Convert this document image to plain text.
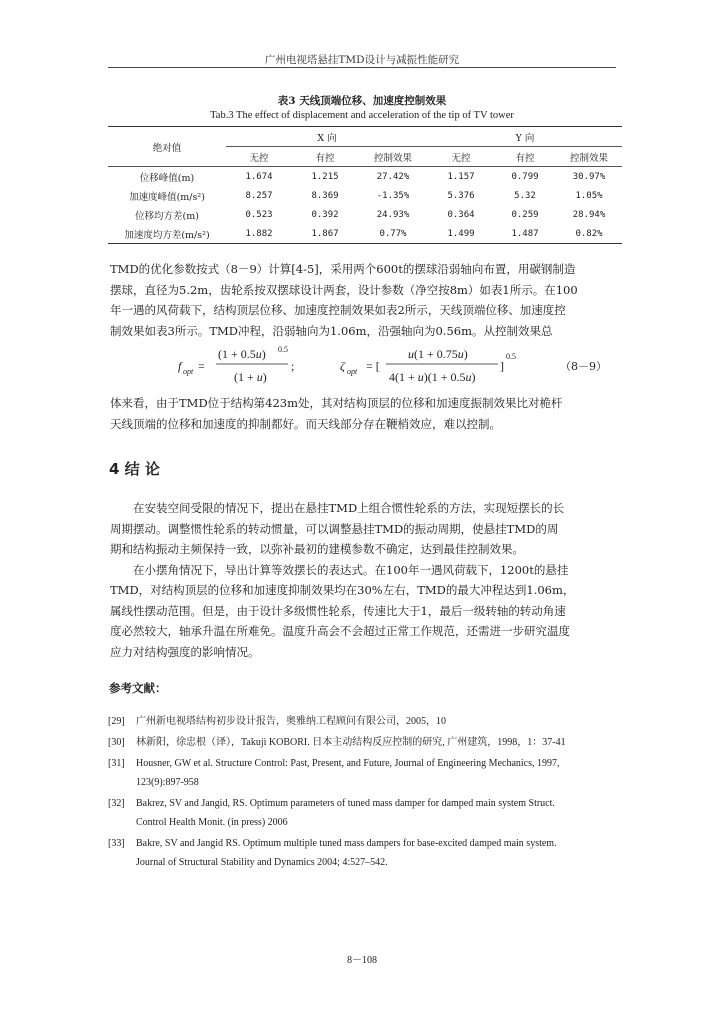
广州电视塔悬挂TMD设计与减振性能研究
表3 天线顶端位移、加速度控制效果
Tab.3 The effect of displacement and acceleration of the tip of TV tower
绝对值	X 向			Y 向		
	无控	有控	控制效果	无控	有控	控制效果
位移峰值(m)	1.674	1.215	27.42%	1.157	0.799	30.97%
加速度峰值(m/s²)	8.257	8.369	-1.35%	5.376	5.32	1.05%
位移均方差(m)	0.523	0.392	24.93%	0.364	0.259	28.94%
加速度均方差(m/s²)	1.882	1.867	0.77%	1.499	1.487	0.82%
TMD的优化参数按式（8－9）计算[4-5]，采用两个600t的摆球沿弱轴向布置，用碳钢制造
摆球，直径为5.2m，齿轮系按双摆球设计两套，设计参数（净空按8m）如表1所示。在100
年一遇的风荷载下，结构顶层位移、加速度控制效果如表2所示，天线顶端位移、加速度控
制效果如表3所示。TMD冲程，沿弱轴向为1.06m，沿强轴向为0.56m。从控制效果总
f opt =
(1 + 0.5u) 0.5
(1 + u)
;	ζ opt = [
u(1 + 0.75u)
4(1 + u)(1 + 0.5u)
]
0.5
（8－9）
体来看，由于TMD位于结构第423m处，其对结构顶层的位移和加速度振制效果比对桅杆
天线顶端的位移和加速度的抑制都好。而天线部分存在鞭梢效应，难以控制。
4 结 论
　　在安装空间受限的情况下，提出在悬挂TMD上组合惯性轮系的方法，实现短摆长的长
周期摆动。调整惯性轮系的转动惯量，可以调整悬挂TMD的振动周期，使悬挂TMD的周
期和结构振动主频保持一致，以弥补最初的建模参数不确定，达到最佳控制效果。
　　在小摆角情况下，导出计算等效摆长的表达式。在100年一遇风荷载下，1200t的悬挂
TMD，对结构顶层的位移和加速度抑制效果均在30%左右，TMD的最大冲程达到1.06m，
属线性摆动范围。但是，由于设计多级惯性轮系，传速比大于1，最后一级转轴的转动角速
度必然较大，轴承升温在所难免。温度升高会不会超过正常工作规范，还需进一步研究温度
应力对结构强度的影响情况。
参考文献：
[29] 广州新电视塔结构初步设计报告，奥雅纳工程顾问有限公司，2005，10
[30] 林新阳，徐忠根（译），Takuji KOBORI. 日本主动结构反应控制的研究, 广州建筑，1998，1：37-41
[31] Housner, GW et al. Structure Control: Past, Present, and Future, Journal of Engineering Mechanics, 1997,
123(9):897-958
[32] Bakrez, SV and Jangid, RS. Optimum parameters of tuned mass damper for damped main system Struct.
Control Health Monit. (in press) 2006
[33] Bakre, SV and Jangid RS. Optimum multiple tuned mass dampers for base-excited damped main system.
Journal of Structural Stability and Dynamics 2004; 4:527–542.
8－108
